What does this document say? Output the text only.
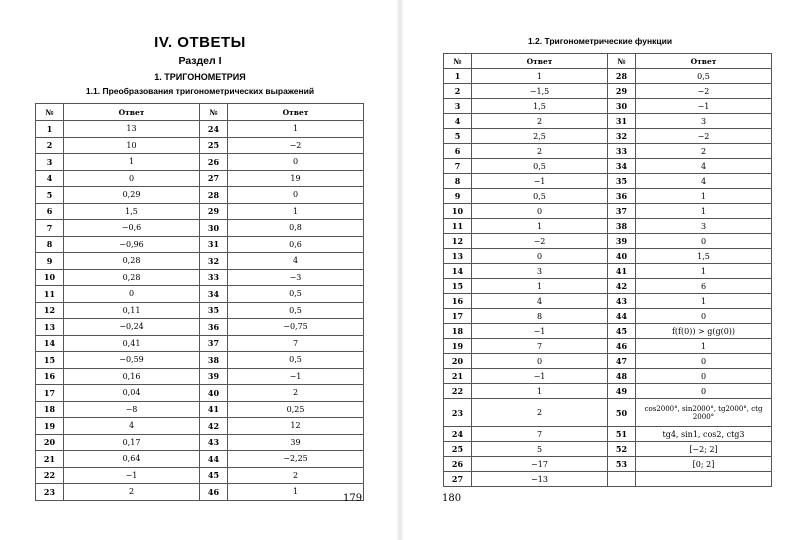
IV. ОТВЕТЫ
Раздел I
1. ТРИГОНОМЕТРИЯ
1.1. Преобразования тригонометрических выражений
№	Ответ	№	Ответ
1	13	24	1
2	10	25	−2
3	1	26	0
4	0	27	19
5	0,29	28	0
6	1,5	29	1
7	−0,6	30	0,8
8	−0,96	31	0,6
9	0,28	32	4
10	0,28	33	−3
11	0	34	0,5
12	0,11	35	0,5
13	−0,24	36	−0,75
14	0,41	37	7
15	−0,59	38	0,5
16	0,16	39	−1
17	0,04	40	2
18	−8	41	0,25
19	4	42	12
20	0,17	43	39
21	0,64	44	−2,25
22	−1	45	2
23	2	46	1
179
1.2. Тригонометрические функции
180
№	Ответ	№	Ответ
1	1	28	0,5
2	−1,5	29	−2
3	1,5	30	−1
4	2	31	3
5	2,5	32	−2
6	2	33	2
7	0,5	34	4
8	−1	35	4
9	0,5	36	1
10	0	37	1
11	1	38	3
12	−2	39	0
13	0	40	1,5
14	3	41	1
15	1	42	6
16	4	43	1
17	8	44	0
18	−1	45	f(f(0)) > g(g(0))
19	7	46	1
20	0	47	0
21	−1	48	0
22	1	49	0
23	2	50	cos2000°, sin2000°, tg2000°, ctg 2000°
24	7	51	tg4, sin1, cos2, ctg3
25	5	52	[−2; 2]
26	−17	53	[0; 2]
27	−13		
